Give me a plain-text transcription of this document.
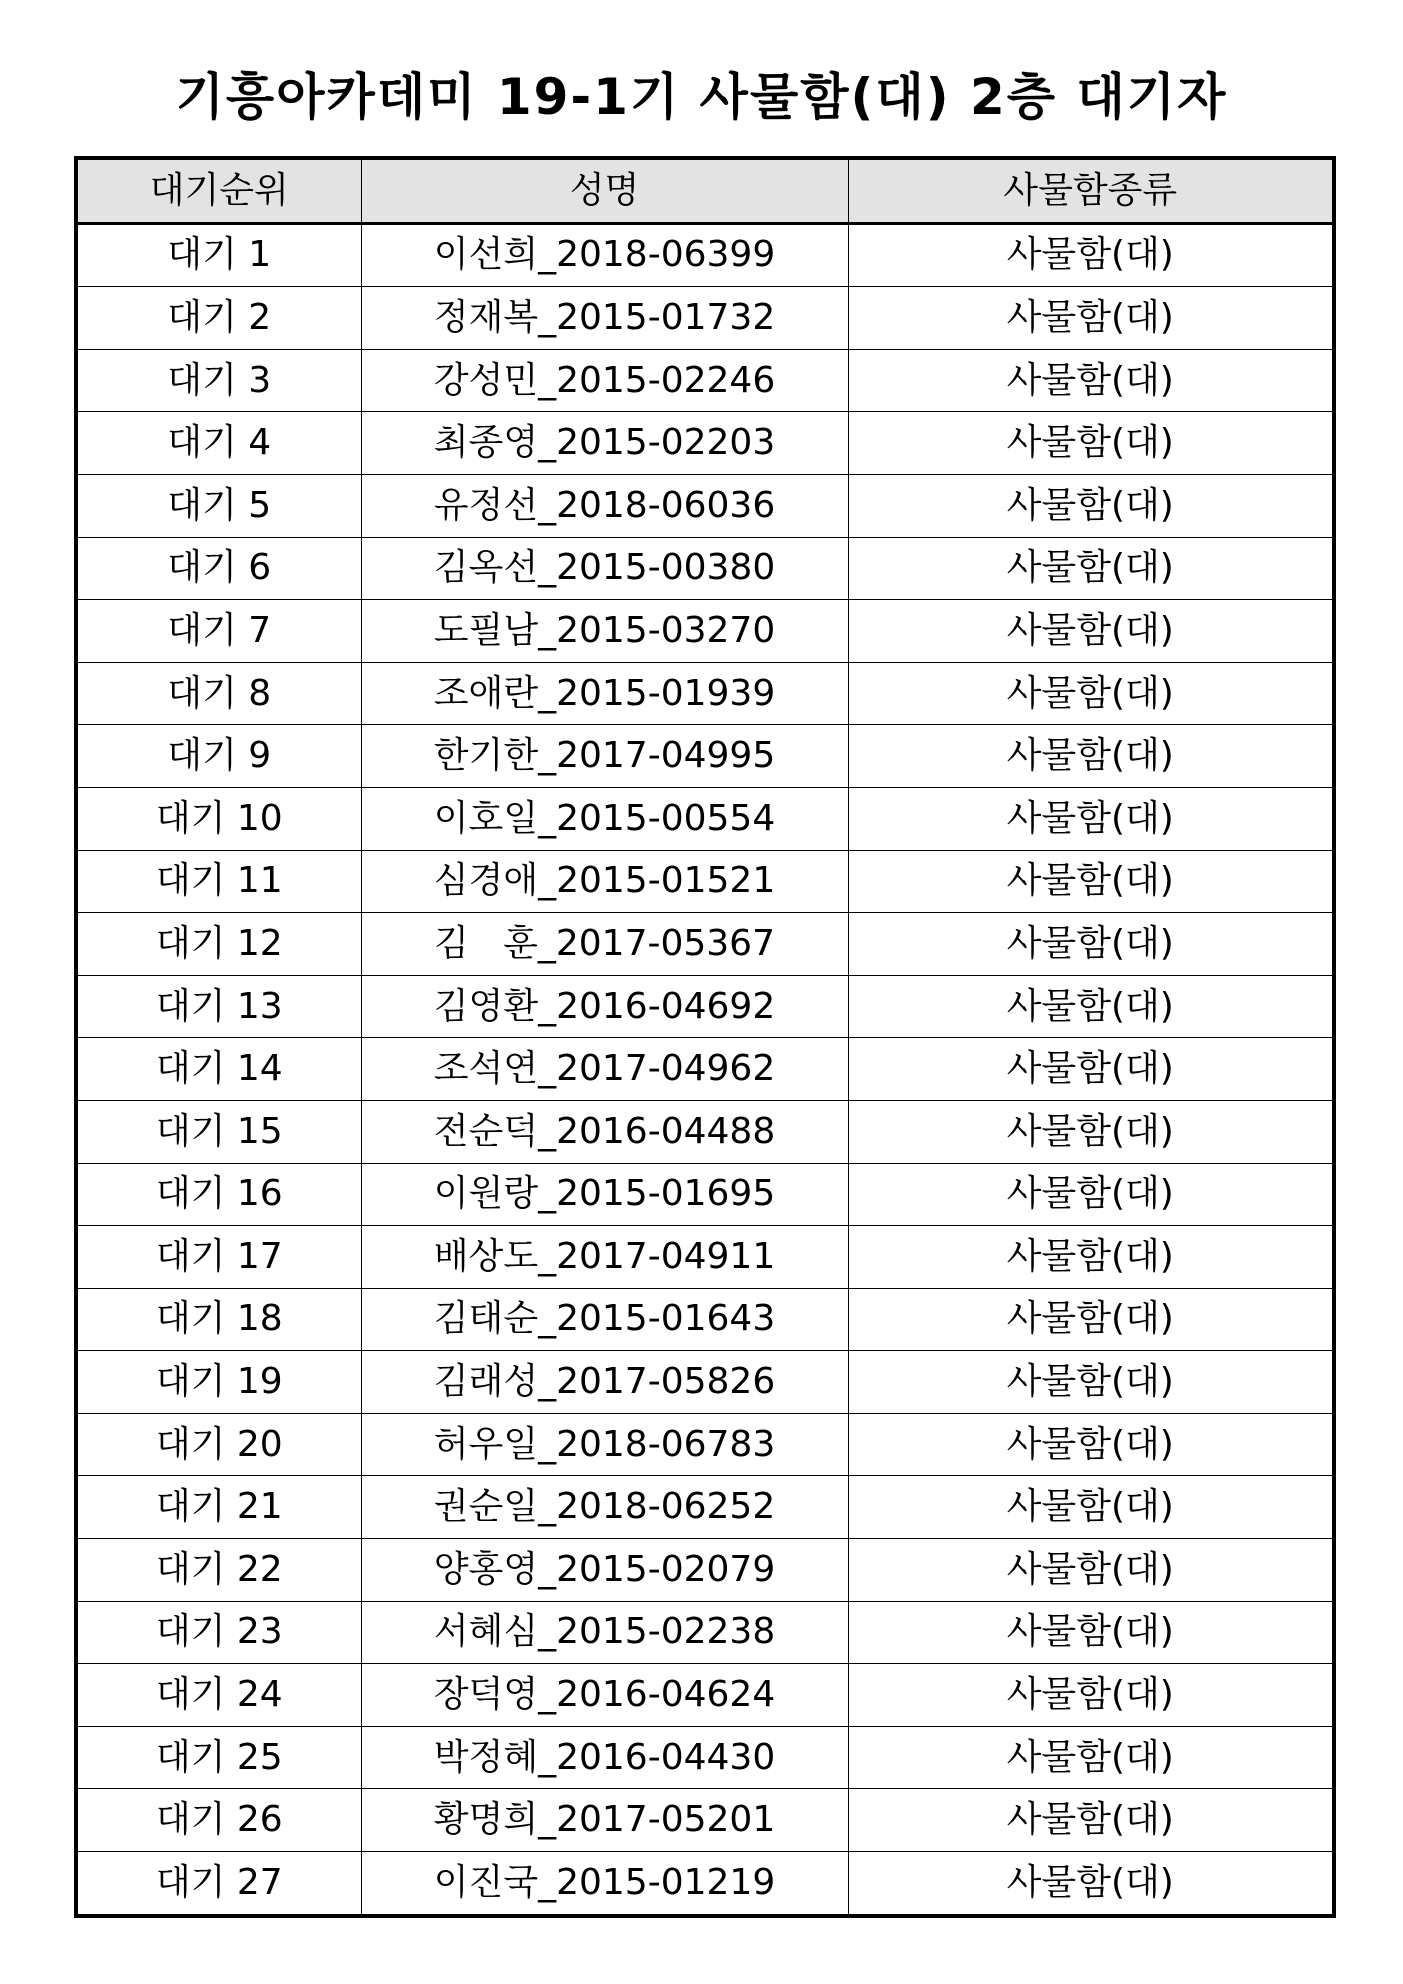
기흥아카데미 19-1기 사물함(대) 2층 대기자
대기순위	성명	사물함종류
대기 1	이선희_2018-06399	사물함(대)
대기 2	정재복_2015-01732	사물함(대)
대기 3	강성민_2015-02246	사물함(대)
대기 4	최종영_2015-02203	사물함(대)
대기 5	유정선_2018-06036	사물함(대)
대기 6	김옥선_2015-00380	사물함(대)
대기 7	도필남_2015-03270	사물함(대)
대기 8	조애란_2015-01939	사물함(대)
대기 9	한기한_2017-04995	사물함(대)
대기 10	이호일_2015-00554	사물함(대)
대기 11	심경애_2015-01521	사물함(대)
대기 12	김   훈_2017-05367	사물함(대)
대기 13	김영환_2016-04692	사물함(대)
대기 14	조석연_2017-04962	사물함(대)
대기 15	전순덕_2016-04488	사물함(대)
대기 16	이원랑_2015-01695	사물함(대)
대기 17	배상도_2017-04911	사물함(대)
대기 18	김태순_2015-01643	사물함(대)
대기 19	김래성_2017-05826	사물함(대)
대기 20	허우일_2018-06783	사물함(대)
대기 21	권순일_2018-06252	사물함(대)
대기 22	양홍영_2015-02079	사물함(대)
대기 23	서혜심_2015-02238	사물함(대)
대기 24	장덕영_2016-04624	사물함(대)
대기 25	박정혜_2016-04430	사물함(대)
대기 26	황명희_2017-05201	사물함(대)
대기 27	이진국_2015-01219	사물함(대)
